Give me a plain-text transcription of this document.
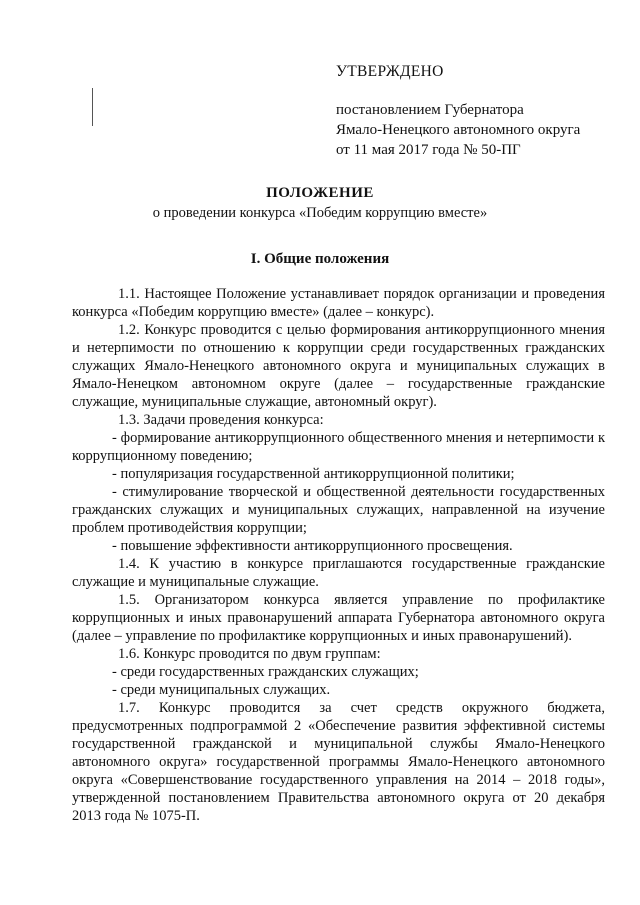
УТВЕРЖДЕНО
постановлением Губернатора
Ямало-Ненецкого автономного округа
от 11 мая 2017 года № 50-ПГ
ПОЛОЖЕНИЕ
о проведении конкурса «Победим коррупцию вместе»
I. Общие положения

1.1. Настоящее Положение устанавливает порядок организации и проведения конкурса «Победим коррупцию вместе» (далее – конкурс).

1.2. Конкурс проводится с целью формирования антикоррупционного мнения и нетерпимости по отношению к коррупции среди государственных гражданских служащих Ямало-Ненецкого автономного округа и муниципальных служащих в Ямало-Ненецком автономном округе (далее – государственные гражданские служащие, муниципальные служащие, автономный округ).

1.3. Задачи проведения конкурса:

- формирование антикоррупционного общественного мнения и нетерпимости к коррупционному поведению;

- популяризация государственной антикоррупционной политики;

- стимулирование творческой и общественной деятельности государственных гражданских служащих и муниципальных служащих, направленной на изучение проблем противодействия коррупции;

- повышение эффективности антикоррупционного просвещения.

1.4. К участию в конкурсе приглашаются государственные гражданские служащие и муниципальные служащие.

1.5. Организатором конкурса является управление по профилактике коррупционных и иных правонарушений аппарата Губернатора автономного округа (далее – управление по профилактике коррупционных и иных правонарушений).

1.6. Конкурс проводится по двум группам:

- среди государственных гражданских служащих;

- среди муниципальных служащих.

1.7. Конкурс проводится за счет средств окружного бюджета, предусмотренных подпрограммой 2 «Обеспечение развития эффективной системы государственной гражданской и муниципальной службы Ямало-Ненецкого автономного округа» государственной программы Ямало-Ненецкого автономного округа «Совершенствование государственного управления на 2014 – 2018 годы», утвержденной постановлением Правительства автономного округа от 20 декабря 2013 года № 1075-П.
